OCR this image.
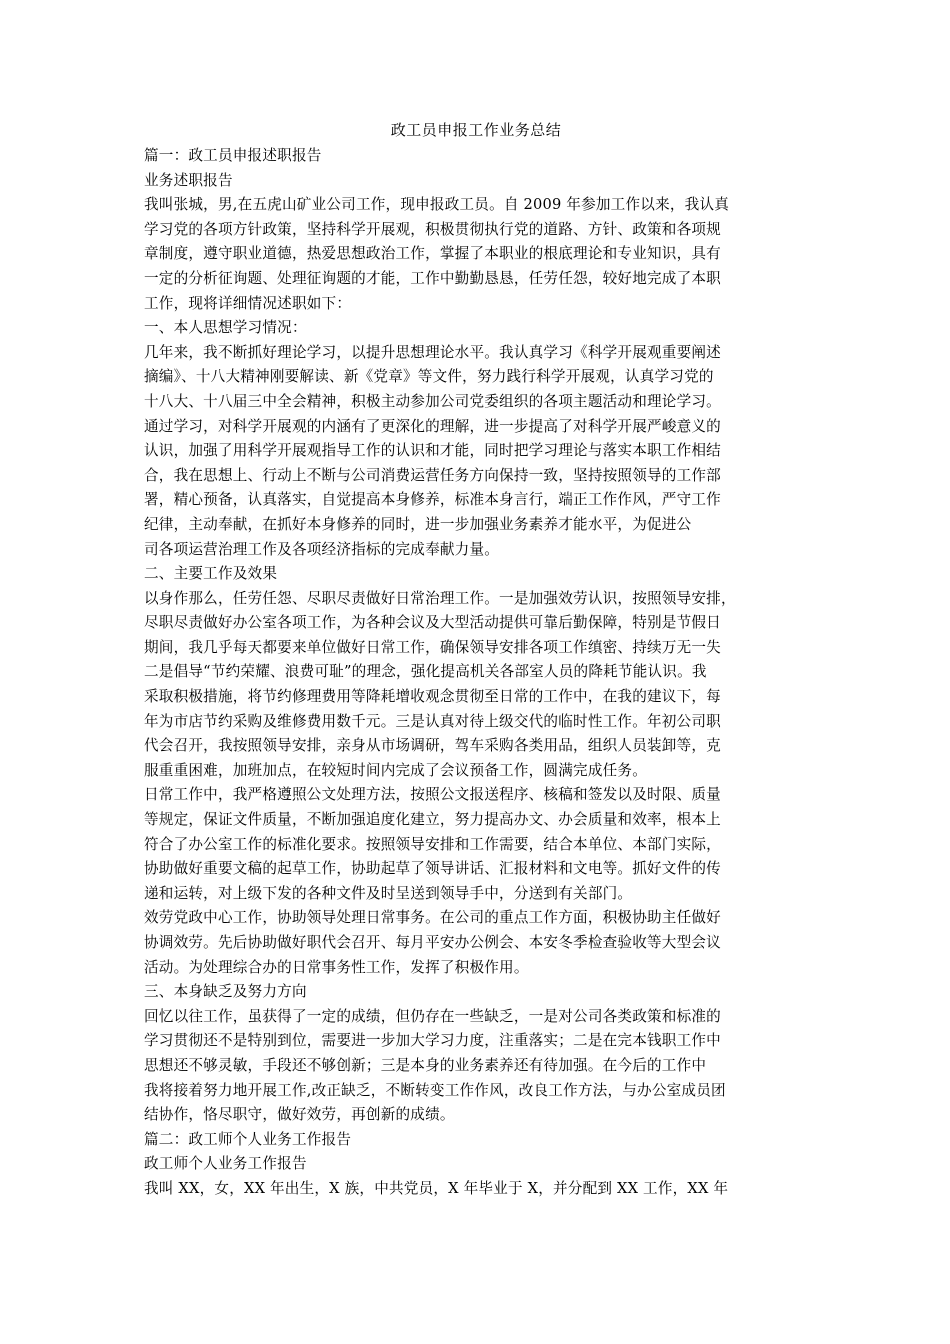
政工员申报工作业务总结

篇一：政工员申报述职报告

业务述职报告

我叫张城，男,在五虎山矿业公司工作，现申报政工员。自 2009 年参加工作以来，我认真

学习党的各项方针政策，坚持科学开展观，积极贯彻执行党的道路、方针、政策和各项规

章制度，遵守职业道德，热爱思想政治工作，掌握了本职业的根底理论和专业知识，具有

一定的分析征询题、处理征询题的才能，工作中勤勤恳恳，任劳任怨，较好地完成了本职

工作，现将详细情况述职如下：

一、本人思想学习情况：

几年来，我不断抓好理论学习，以提升思想理论水平。我认真学习《科学开展观重要阐述

摘编》、十八大精神刚要解读、新《党章》等文件，努力践行科学开展观，认真学习党的

十八大、十八届三中全会精神，积极主动参加公司党委组织的各项主题活动和理论学习。

通过学习，对科学开展观的内涵有了更深化的理解，进一步提高了对科学开展严峻意义的

认识，加强了用科学开展观指导工作的认识和才能，同时把学习理论与落实本职工作相结

合，我在思想上、行动上不断与公司消费运营任务方向保持一致，坚持按照领导的工作部

署，精心预备，认真落实，自觉提高本身修养，标准本身言行，端正工作作风，严守工作

纪律，主动奉献，在抓好本身修养的同时，进一步加强业务素养才能水平，为促进公

司各项运营治理工作及各项经济指标的完成奉献力量。

二、主要工作及效果

以身作那么，任劳任怨、尽职尽责做好日常治理工作。一是加强效劳认识，按照领导安排，

尽职尽责做好办公室各项工作，为各种会议及大型活动提供可靠后勤保障，特别是节假日

期间，我几乎每天都要来单位做好日常工作，确保领导安排各项工作缜密、持续万无一失

二是倡导“节约荣耀、浪费可耻”的理念，强化提高机关各部室人员的降耗节能认识。我

采取积极措施，将节约修理费用等降耗增收观念贯彻至日常的工作中，在我的建议下，每

年为市店节约采购及维修费用数千元。三是认真对待上级交代的临时性工作。年初公司职

代会召开，我按照领导安排，亲身从市场调研，驾车采购各类用品，组织人员装卸等，克

服重重困难，加班加点，在较短时间内完成了会议预备工作，圆满完成任务。

日常工作中，我严格遵照公文处理方法，按照公文报送程序、核稿和签发以及时限、质量

等规定，保证文件质量，不断加强追度化建立，努力提高办文、办会质量和效率，根本上

符合了办公室工作的标准化要求。按照领导安排和工作需要，结合本单位、本部门实际，

协助做好重要文稿的起草工作，协助起草了领导讲话、汇报材料和文电等。抓好文件的传

递和运转，对上级下发的各种文件及时呈送到领导手中，分送到有关部门。

效劳党政中心工作，协助领导处理日常事务。在公司的重点工作方面，积极协助主任做好

协调效劳。先后协助做好职代会召开、每月平安办公例会、本安冬季检查验收等大型会议

活动。为处理综合办的日常事务性工作，发挥了积极作用。

三、本身缺乏及努力方向

回忆以往工作，虽获得了一定的成绩，但仍存在一些缺乏，一是对公司各类政策和标准的

学习贯彻还不是特别到位，需要进一步加大学习力度，注重落实；二是在完本钱职工作中

思想还不够灵敏，手段还不够创新；三是本身的业务素养还有待加强。在今后的工作中

我将接着努力地开展工作,改正缺乏，不断转变工作作风，改良工作方法，与办公室成员团

结协作，恪尽职守，做好效劳，再创新的成绩。

篇二：政工师个人业务工作报告

政工师个人业务工作报告

我叫 XX，女，XX 年出生，X 族，中共党员，X 年毕业于 X，并分配到 XX 工作，XX 年
